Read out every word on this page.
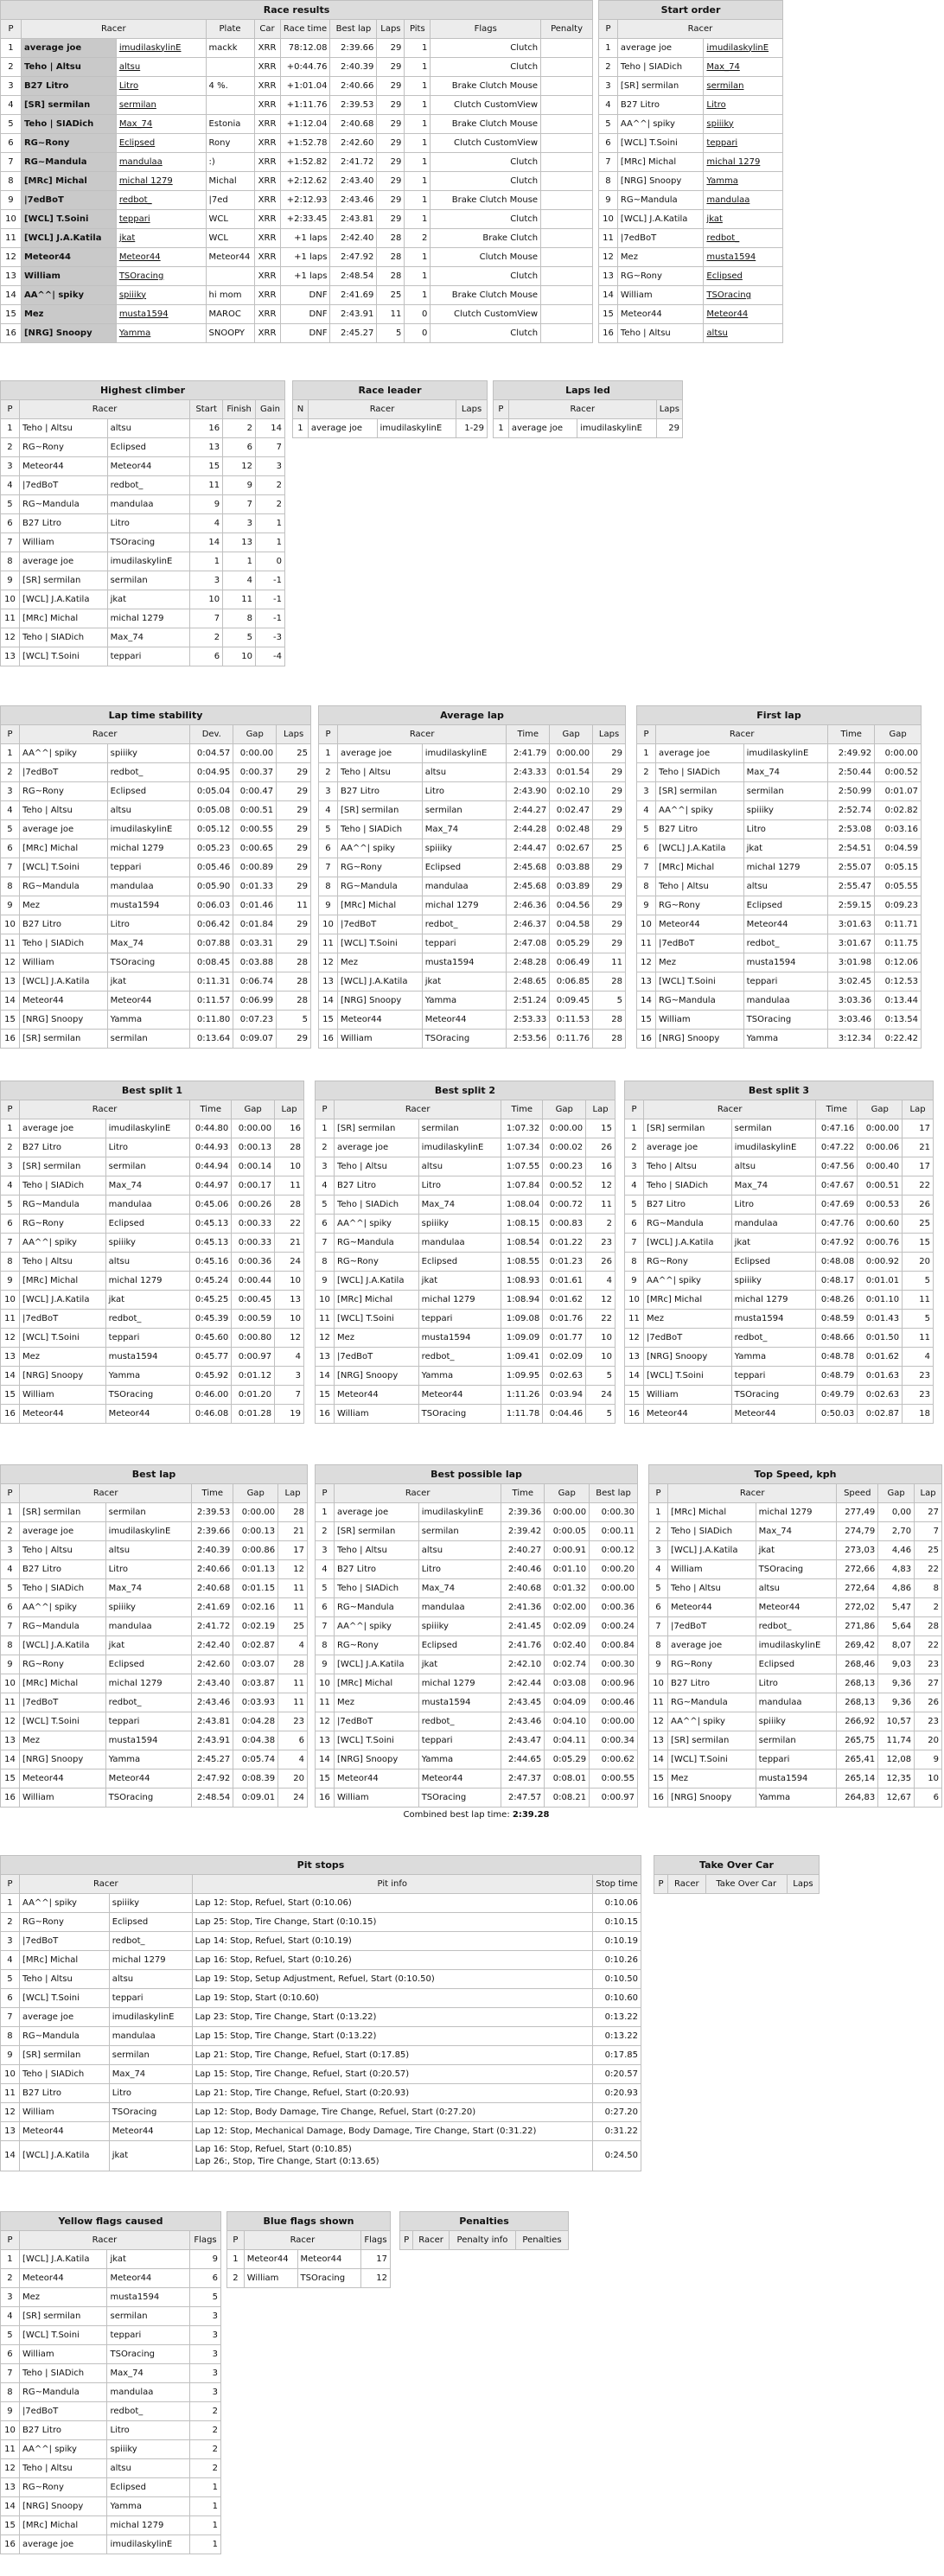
Race results										
P	Racer		Plate	Car	Race time	Best lap	Laps	Pits	Flags	Penalty
1	average joe	imudilaskylinE	mackk	XRR	78:12.08	2:39.66	29	1	Clutch	
2	Teho | Altsu	altsu		XRR	+0:44.76	2:40.39	29	1	Clutch	
3	B27 Litro	Litro	4 %.	XRR	+1:01.04	2:40.66	29	1	Brake Clutch Mouse	
4	[SR] sermilan	sermilan		XRR	+1:11.76	2:39.53	29	1	Clutch CustomView	
5	Teho | SIADich	Max_74	Estonia	XRR	+1:12.04	2:40.68	29	1	Brake Clutch Mouse	
6	RG~Rony	Eclipsed	Rony	XRR	+1:52.78	2:42.60	29	1	Clutch CustomView	
7	RG~Mandula	mandulaa	:)	XRR	+1:52.82	2:41.72	29	1	Clutch	
8	[MRc] Michal	michal 1279	Michal	XRR	+2:12.62	2:43.40	29	1	Clutch	
9	|7edBoT	redbot_	|7ed	XRR	+2:12.93	2:43.46	29	1	Brake Clutch Mouse	
10	[WCL] T.Soini	teppari	WCL	XRR	+2:33.45	2:43.81	29	1	Clutch	
11	[WCL] J.A.Katila	jkat	WCL	XRR	+1 laps	2:42.40	28	2	Brake Clutch	
12	Meteor44	Meteor44	Meteor44	XRR	+1 laps	2:47.92	28	1	Clutch Mouse	
13	William	TSOracing		XRR	+1 laps	2:48.54	28	1	Clutch	
14	AA^^| spiky	spiiiky	hi mom	XRR	DNF	2:41.69	25	1	Brake Clutch Mouse	
15	Mez	musta1594	MAROC	XRR	DNF	2:43.91	11	0	Clutch CustomView	
16	[NRG] Snoopy	Yamma	SNOOPY	XRR	DNF	2:45.27	5	0	Clutch	
Start order		
P	Racer	
1	average joe	imudilaskylinE
2	Teho | SIADich	Max_74
3	[SR] sermilan	sermilan
4	B27 Litro	Litro
5	AA^^| spiky	spiiiky
6	[WCL] T.Soini	teppari
7	[MRc] Michal	michal 1279
8	[NRG] Snoopy	Yamma
9	RG~Mandula	mandulaa
10	[WCL] J.A.Katila	jkat
11	|7edBoT	redbot_
12	Mez	musta1594
13	RG~Rony	Eclipsed
14	William	TSOracing
15	Meteor44	Meteor44
16	Teho | Altsu	altsu
Highest climber					
P	Racer		Start	Finish	Gain
1	Teho | Altsu	altsu	16	2	14
2	RG~Rony	Eclipsed	13	6	7
3	Meteor44	Meteor44	15	12	3
4	|7edBoT	redbot_	11	9	2
5	RG~Mandula	mandulaa	9	7	2
6	B27 Litro	Litro	4	3	1
7	William	TSOracing	14	13	1
8	average joe	imudilaskylinE	1	1	0
9	[SR] sermilan	sermilan	3	4	-1
10	[WCL] J.A.Katila	jkat	10	11	-1
11	[MRc] Michal	michal 1279	7	8	-1
12	Teho | SIADich	Max_74	2	5	-3
13	[WCL] T.Soini	teppari	6	10	-4
Race leader			
N	Racer		Laps
1	average joe	imudilaskylinE	1-29
Laps led			
P	Racer		Laps
1	average joe	imudilaskylinE	29
Lap time stability					
P	Racer		Dev.	Gap	Laps
1	AA^^| spiky	spiiiky	0:04.57	0:00.00	25
2	|7edBoT	redbot_	0:04.95	0:00.37	29
3	RG~Rony	Eclipsed	0:05.04	0:00.47	29
4	Teho | Altsu	altsu	0:05.08	0:00.51	29
5	average joe	imudilaskylinE	0:05.12	0:00.55	29
6	[MRc] Michal	michal 1279	0:05.23	0:00.65	29
7	[WCL] T.Soini	teppari	0:05.46	0:00.89	29
8	RG~Mandula	mandulaa	0:05.90	0:01.33	29
9	Mez	musta1594	0:06.03	0:01.46	11
10	B27 Litro	Litro	0:06.42	0:01.84	29
11	Teho | SIADich	Max_74	0:07.88	0:03.31	29
12	William	TSOracing	0:08.45	0:03.88	28
13	[WCL] J.A.Katila	jkat	0:11.31	0:06.74	28
14	Meteor44	Meteor44	0:11.57	0:06.99	28
15	[NRG] Snoopy	Yamma	0:11.80	0:07.23	5
16	[SR] sermilan	sermilan	0:13.64	0:09.07	29
Average lap					
P	Racer		Time	Gap	Laps
1	average joe	imudilaskylinE	2:41.79	0:00.00	29
2	Teho | Altsu	altsu	2:43.33	0:01.54	29
3	B27 Litro	Litro	2:43.90	0:02.10	29
4	[SR] sermilan	sermilan	2:44.27	0:02.47	29
5	Teho | SIADich	Max_74	2:44.28	0:02.48	29
6	AA^^| spiky	spiiiky	2:44.47	0:02.67	25
7	RG~Rony	Eclipsed	2:45.68	0:03.88	29
8	RG~Mandula	mandulaa	2:45.68	0:03.89	29
9	[MRc] Michal	michal 1279	2:46.36	0:04.56	29
10	|7edBoT	redbot_	2:46.37	0:04.58	29
11	[WCL] T.Soini	teppari	2:47.08	0:05.29	29
12	Mez	musta1594	2:48.28	0:06.49	11
13	[WCL] J.A.Katila	jkat	2:48.65	0:06.85	28
14	[NRG] Snoopy	Yamma	2:51.24	0:09.45	5
15	Meteor44	Meteor44	2:53.33	0:11.53	28
16	William	TSOracing	2:53.56	0:11.76	28
First lap				
P	Racer		Time	Gap
1	average joe	imudilaskylinE	2:49.92	0:00.00
2	Teho | SIADich	Max_74	2:50.44	0:00.52
3	[SR] sermilan	sermilan	2:50.99	0:01.07
4	AA^^| spiky	spiiiky	2:52.74	0:02.82
5	B27 Litro	Litro	2:53.08	0:03.16
6	[WCL] J.A.Katila	jkat	2:54.51	0:04.59
7	[MRc] Michal	michal 1279	2:55.07	0:05.15
8	Teho | Altsu	altsu	2:55.47	0:05.55
9	RG~Rony	Eclipsed	2:59.15	0:09.23
10	Meteor44	Meteor44	3:01.63	0:11.71
11	|7edBoT	redbot_	3:01.67	0:11.75
12	Mez	musta1594	3:01.98	0:12.06
13	[WCL] T.Soini	teppari	3:02.45	0:12.53
14	RG~Mandula	mandulaa	3:03.36	0:13.44
15	William	TSOracing	3:03.46	0:13.54
16	[NRG] Snoopy	Yamma	3:12.34	0:22.42
Best split 1					
P	Racer		Time	Gap	Lap
1	average joe	imudilaskylinE	0:44.80	0:00.00	16
2	B27 Litro	Litro	0:44.93	0:00.13	28
3	[SR] sermilan	sermilan	0:44.94	0:00.14	10
4	Teho | SIADich	Max_74	0:44.97	0:00.17	11
5	RG~Mandula	mandulaa	0:45.06	0:00.26	28
6	RG~Rony	Eclipsed	0:45.13	0:00.33	22
7	AA^^| spiky	spiiiky	0:45.13	0:00.33	21
8	Teho | Altsu	altsu	0:45.16	0:00.36	24
9	[MRc] Michal	michal 1279	0:45.24	0:00.44	10
10	[WCL] J.A.Katila	jkat	0:45.25	0:00.45	13
11	|7edBoT	redbot_	0:45.39	0:00.59	10
12	[WCL] T.Soini	teppari	0:45.60	0:00.80	12
13	Mez	musta1594	0:45.77	0:00.97	4
14	[NRG] Snoopy	Yamma	0:45.92	0:01.12	3
15	William	TSOracing	0:46.00	0:01.20	7
16	Meteor44	Meteor44	0:46.08	0:01.28	19
Best split 2					
P	Racer		Time	Gap	Lap
1	[SR] sermilan	sermilan	1:07.32	0:00.00	15
2	average joe	imudilaskylinE	1:07.34	0:00.02	26
3	Teho | Altsu	altsu	1:07.55	0:00.23	16
4	B27 Litro	Litro	1:07.84	0:00.52	12
5	Teho | SIADich	Max_74	1:08.04	0:00.72	11
6	AA^^| spiky	spiiiky	1:08.15	0:00.83	2
7	RG~Mandula	mandulaa	1:08.54	0:01.22	23
8	RG~Rony	Eclipsed	1:08.55	0:01.23	26
9	[WCL] J.A.Katila	jkat	1:08.93	0:01.61	4
10	[MRc] Michal	michal 1279	1:08.94	0:01.62	12
11	[WCL] T.Soini	teppari	1:09.08	0:01.76	22
12	Mez	musta1594	1:09.09	0:01.77	10
13	|7edBoT	redbot_	1:09.41	0:02.09	10
14	[NRG] Snoopy	Yamma	1:09.95	0:02.63	5
15	Meteor44	Meteor44	1:11.26	0:03.94	24
16	William	TSOracing	1:11.78	0:04.46	5
Best split 3					
P	Racer		Time	Gap	Lap
1	[SR] sermilan	sermilan	0:47.16	0:00.00	17
2	average joe	imudilaskylinE	0:47.22	0:00.06	21
3	Teho | Altsu	altsu	0:47.56	0:00.40	17
4	Teho | SIADich	Max_74	0:47.67	0:00.51	22
5	B27 Litro	Litro	0:47.69	0:00.53	26
6	RG~Mandula	mandulaa	0:47.76	0:00.60	25
7	[WCL] J.A.Katila	jkat	0:47.92	0:00.76	15
8	RG~Rony	Eclipsed	0:48.08	0:00.92	20
9	AA^^| spiky	spiiiky	0:48.17	0:01.01	5
10	[MRc] Michal	michal 1279	0:48.26	0:01.10	11
11	Mez	musta1594	0:48.59	0:01.43	5
12	|7edBoT	redbot_	0:48.66	0:01.50	11
13	[NRG] Snoopy	Yamma	0:48.78	0:01.62	4
14	[WCL] T.Soini	teppari	0:48.79	0:01.63	23
15	William	TSOracing	0:49.79	0:02.63	23
16	Meteor44	Meteor44	0:50.03	0:02.87	18
Best lap					
P	Racer		Time	Gap	Lap
1	[SR] sermilan	sermilan	2:39.53	0:00.00	28
2	average joe	imudilaskylinE	2:39.66	0:00.13	21
3	Teho | Altsu	altsu	2:40.39	0:00.86	17
4	B27 Litro	Litro	2:40.66	0:01.13	12
5	Teho | SIADich	Max_74	2:40.68	0:01.15	11
6	AA^^| spiky	spiiiky	2:41.69	0:02.16	11
7	RG~Mandula	mandulaa	2:41.72	0:02.19	25
8	[WCL] J.A.Katila	jkat	2:42.40	0:02.87	4
9	RG~Rony	Eclipsed	2:42.60	0:03.07	28
10	[MRc] Michal	michal 1279	2:43.40	0:03.87	11
11	|7edBoT	redbot_	2:43.46	0:03.93	11
12	[WCL] T.Soini	teppari	2:43.81	0:04.28	23
13	Mez	musta1594	2:43.91	0:04.38	6
14	[NRG] Snoopy	Yamma	2:45.27	0:05.74	4
15	Meteor44	Meteor44	2:47.92	0:08.39	20
16	William	TSOracing	2:48.54	0:09.01	24
Best possible lap					
P	Racer		Time	Gap	Best lap
1	average joe	imudilaskylinE	2:39.36	0:00.00	0:00.30
2	[SR] sermilan	sermilan	2:39.42	0:00.05	0:00.11
3	Teho | Altsu	altsu	2:40.27	0:00.91	0:00.12
4	B27 Litro	Litro	2:40.46	0:01.10	0:00.20
5	Teho | SIADich	Max_74	2:40.68	0:01.32	0:00.00
6	RG~Mandula	mandulaa	2:41.36	0:02.00	0:00.36
7	AA^^| spiky	spiiiky	2:41.45	0:02.09	0:00.24
8	RG~Rony	Eclipsed	2:41.76	0:02.40	0:00.84
9	[WCL] J.A.Katila	jkat	2:42.10	0:02.74	0:00.30
10	[MRc] Michal	michal 1279	2:42.44	0:03.08	0:00.96
11	Mez	musta1594	2:43.45	0:04.09	0:00.46
12	|7edBoT	redbot_	2:43.46	0:04.10	0:00.00
13	[WCL] T.Soini	teppari	2:43.47	0:04.11	0:00.34
14	[NRG] Snoopy	Yamma	2:44.65	0:05.29	0:00.62
15	Meteor44	Meteor44	2:47.37	0:08.01	0:00.55
16	William	TSOracing	2:47.57	0:08.21	0:00.97
Combined best lap time: 2:39.28
Top Speed, kph					
P	Racer		Speed	Gap	Lap
1	[MRc] Michal	michal 1279	277,49	0,00	27
2	Teho | SIADich	Max_74	274,79	2,70	7
3	[WCL] J.A.Katila	jkat	273,03	4,46	25
4	William	TSOracing	272,66	4,83	22
5	Teho | Altsu	altsu	272,64	4,86	8
6	Meteor44	Meteor44	272,02	5,47	2
7	|7edBoT	redbot_	271,86	5,64	28
8	average joe	imudilaskylinE	269,42	8,07	22
9	RG~Rony	Eclipsed	268,46	9,03	23
10	B27 Litro	Litro	268,13	9,36	27
11	RG~Mandula	mandulaa	268,13	9,36	26
12	AA^^| spiky	spiiiky	266,92	10,57	23
13	[SR] sermilan	sermilan	265,75	11,74	20
14	[WCL] T.Soini	teppari	265,41	12,08	9
15	Mez	musta1594	265,14	12,35	10
16	[NRG] Snoopy	Yamma	264,83	12,67	6
Pit stops				
P	Racer		Pit info	Stop time
1	AA^^| spiky	spiiiky	Lap 12: Stop, Refuel, Start (0:10.06)	0:10.06
2	RG~Rony	Eclipsed	Lap 25: Stop, Tire Change, Start (0:10.15)	0:10.15
3	|7edBoT	redbot_	Lap 14: Stop, Refuel, Start (0:10.19)	0:10.19
4	[MRc] Michal	michal 1279	Lap 16: Stop, Refuel, Start (0:10.26)	0:10.26
5	Teho | Altsu	altsu	Lap 19: Stop, Setup Adjustment, Refuel, Start (0:10.50)	0:10.50
6	[WCL] T.Soini	teppari	Lap 19: Stop, Start (0:10.60)	0:10.60
7	average joe	imudilaskylinE	Lap 23: Stop, Tire Change, Start (0:13.22)	0:13.22
8	RG~Mandula	mandulaa	Lap 15: Stop, Tire Change, Start (0:13.22)	0:13.22
9	[SR] sermilan	sermilan	Lap 21: Stop, Tire Change, Refuel, Start (0:17.85)	0:17.85
10	Teho | SIADich	Max_74	Lap 15: Stop, Tire Change, Refuel, Start (0:20.57)	0:20.57
11	B27 Litro	Litro	Lap 21: Stop, Tire Change, Refuel, Start (0:20.93)	0:20.93
12	William	TSOracing	Lap 12: Stop, Body Damage, Tire Change, Refuel, Start (0:27.20)	0:27.20
13	Meteor44	Meteor44	Lap 12: Stop, Mechanical Damage, Body Damage, Tire Change, Start (0:31.22)	0:31.22
14	[WCL] J.A.Katila	jkat	Lap 16: Stop, Refuel, Start (0:10.85)
Lap 26:, Stop, Tire Change, Start (0:13.65)	0:24.50
Take Over Car
P	Racer	Take Over Car	Laps
Yellow flags caused			
P	Racer		Flags
1	[WCL] J.A.Katila	jkat	9
2	Meteor44	Meteor44	6
3	Mez	musta1594	5
4	[SR] sermilan	sermilan	3
5	[WCL] T.Soini	teppari	3
6	William	TSOracing	3
7	Teho | SIADich	Max_74	3
8	RG~Mandula	mandulaa	3
9	|7edBoT	redbot_	2
10	B27 Litro	Litro	2
11	AA^^| spiky	spiiiky	2
12	Teho | Altsu	altsu	2
13	RG~Rony	Eclipsed	1
14	[NRG] Snoopy	Yamma	1
15	[MRc] Michal	michal 1279	1
16	average joe	imudilaskylinE	1
Blue flags shown			
P	Racer		Flags
1	Meteor44	Meteor44	17
2	William	TSOracing	12
Penalties
P	Racer	Penalty info	Penalties
